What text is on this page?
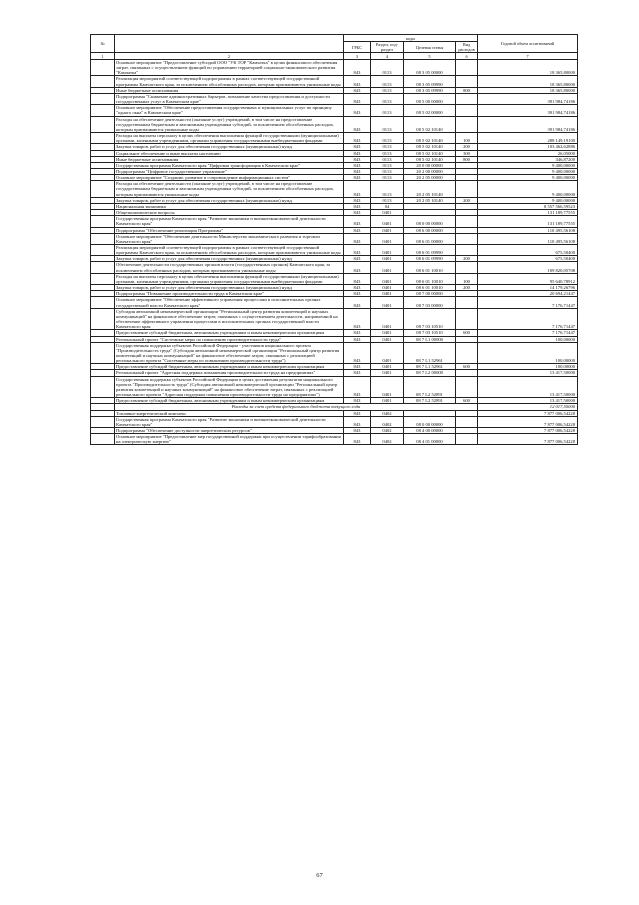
№		коды				Годовой объем ассигнований
		ГРБС	Раздел, под-раздел	Целевая статья	Вид расходов	
1	2	3	4	5	6	7
	Основное мероприятие "Предоставление субсидий ООО "УК ТОР "Камчатка" в целях финансового обеспечения затрат, связанных с осуществлением функций по управлению территорией социально-экономического развития "Камчатка"	843	0113	08 3 05 00000		18 365,80000
	Реализация мероприятий соответствующей подпрограммы в рамках соответствующей государственной программы Камчатского края, за исключением обособленных расходов, которым присваиваются уникальные коды	843	0113	08 3 05 09990		18 365,80000
	Иные бюджетные ассигнования	843	0113	08 3 05 09990	800	18 365,80000
	Подпрограмма "Снижение административных барьеров, повышение качества предоставления и доступности государственных услуг в Камчатском крае"	843	0113	08 5 00 00000		391 984,74186
	Основное мероприятие "Обеспечение предоставления государственных и муниципальных услуг по принципу "одного окна" в Камчатском крае"	843	0113	08 5 02 00000		391 984,74186
	Расходы на обеспечение деятельности (оказание услуг) учреждений, в том числе на предоставление государственным бюджетным и автономным учреждениям субсидий, за исключением обособленных расходов, которым присваиваются уникальные коды	843	0113	08 5 02 10140		391 984,74186
	Расходы на выплаты персоналу в целях обеспечения выполнения функций государственными (муниципальными) органами, казенными учреждениями, органами управления государственными внебюджетными фондами	843	0113	08 5 02 10140	100	288 149,19100
	Закупка товаров, работ и услуг для обеспечения государственных (муниципальных) нужд	843	0113	08 5 02 10140	200	103 462,62886
	Социальное обеспечение и иные выплаты населению	843	0113	08 5 02 10140	300	26,05000
	Иные бюджетные ассигнования	843	0113	08 5 02 10140	800	346,87200
	Государственная программа Камчатского края "Цифровая трансформация в Камчатском крае"	843	0113	20 0 00 00000		9 400,00000
	Подпрограмма "Цифровое государственное управление"	843	0113	20 2 00 00000		9 400,00000
	Основное мероприятие "Создание, развитие и сопровождение информационных систем"	843	0113	20 2 05 00000		9 400,00000
	Расходы на обеспечение деятельности (оказание услуг) учреждений, в том числе на предоставление государственным бюджетным и автономным учреждениям субсидий, за исключением обособленных расходов, которым присваиваются уникальные коды	843	0113	20 2 05 10140		9 400,00000
	Закупка товаров, работ и услуг для обеспечения государственных (муниципальных) нужд	843	0113	20 2 05 10140	200	9 400,00000
	Национальная экономика	843	04			8 557 566,59523
	Общеэкономические вопросы	843	0401			131 189,77555
	Государственная программа Камчатского края "Развитие экономики и внешнеэкономической деятельности Камчатского края"	843	0401	08 0 00 00000		131 189,77555
	Подпрограмма "Обеспечение реализации Программы"	843	0401	08 6 00 00000		110 495,56108
	Основное мероприятие "Обеспечение деятельности Министерства экономического развития и торговли Камчатского края"	843	0401	08 6 01 00000		110 495,56108
	Реализация мероприятий соответствующей подпрограммы в рамках соответствующей государственной программы Камчатского края, за исключением обособленных расходов, которым присваиваются уникальные коды	843	0401	08 6 01 09990		675,50400
	Закупка товаров, работ и услуг для обеспечения государственных (муниципальных) нужд	843	0401	08 6 01 09990	200	675,50400
	Обеспечение деятельности государственных органов власти (государственных органов) Камчатского края, за исключением обособленных расходов, которым присваиваются уникальные коды	843	0401	08 6 01 10010		109 820,05708
	Расходы на выплаты персоналу в целях обеспечения выполнения функций государственными (муниципальными) органами, казенными учреждениями, органами управления государственными внебюджетными фондами	843	0401	08 6 01 10010	100	95 640,78912
	Закупка товаров, работ и услуг для обеспечения государственных (муниципальных) нужд	843	0401	08 6 01 10010	200	14 179,26796
	Подпрограмма "Повышение производительности труда в Камчатском крае"	843	0401	08 7 00 00000		20 694,21447
	Основное мероприятие "Обеспечение эффективного управления процессами в исполнительных органах государственной власти Камчатского края"	843	0401	08 7 03 00000		7 176,71447
	Субсидия автономной некоммерческой организации "Региональный центр развития компетенций и научных коммуникаций" на финансовое обеспечение затрат, связанных с осуществлением деятельности, направленной на обеспечение эффективного управления процессами в исполнительных органах государственной власти Камчатского края	843	0401	08 7 03 10510		7 176,71447
	Предоставление субсидий бюджетным, автономным учреждениям и иным некоммерческим организациям	843	0401	08 7 03 10510	600	7 176,71447
	Региональный проект "Системные меры по повышению производительности труда"	843	0401	08 7 L1 00000		100,00000
	Государственная поддержка субъектов Российской Федерации - участников национального проекта "Производительность труда" (Субсидия автономной некоммерческой организации "Региональный центр развития компетенций и научных коммуникаций" на финансовое обеспечение затрат, связанных с реализацией регионального проекта "Системные меры по повышению производительности труда")	843	0401	08 7 L1 52961		100,00000
	Предоставление субсидий бюджетным, автономным учреждениям и иным некоммерческим организациям	843	0401	08 7 L1 52961	600	100,00000
	Региональный проект "Адресная поддержка повышения производительности труда на предприятиях"	843	0401	08 7 L2 00000		13 417,50000
	Государственная поддержка субъектов Российской Федерации в целях достижения результатов национального проекта "Производительность труда" (Субсидия автономной некоммерческой организации "Региональный центр развития компетенций и научных коммуникаций" на финансовое обеспечение затрат, связанных с реализацией регионального проекта "Адресная поддержка повышения производительности труда на предприятиях")	843	0401	08 7 L2 52891		13 417,50000
	Предоставление субсидий бюджетным, автономным учреждениям и иным некоммерческим организациям	843	0401	08 7 L2 52891	600	13 417,50000
	Расходы за счет средств федерального бюджета текущего года					12 017,50000
	Топливно-энергетический комплекс	843	0402			7 877 006,54228
	Государственная программа Камчатского края "Развитие экономики и внешнеэкономической деятельности Камчатского края"	843	0402	08 0 00 00000		7 877 006,54228
	Подпрограмма "Обеспечение доступности энергетических ресурсов"	843	0402	08 4 00 00000		7 877 006,54228
	Основное мероприятие "Предоставление мер государственной поддержки при осуществлении тарифообразования на электрическую энергию"	843	0402	08 4 01 00000		7 877 006,54228
67
